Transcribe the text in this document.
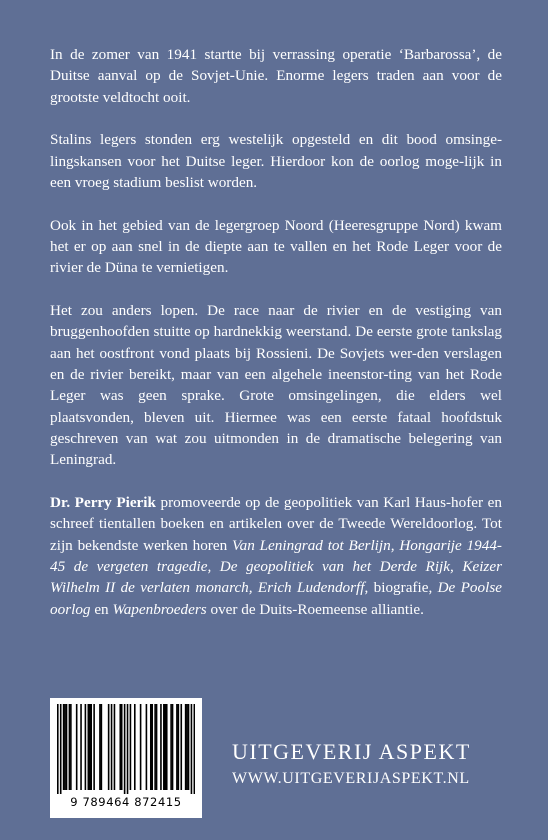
In de zomer van 1941 startte bij verrassing operatie ‘Barbarossa’, de Duitse aanval op de Sovjet-Unie. Enorme legers traden aan voor de grootste veldtocht ooit.

Stalins legers stonden erg westelijk opgesteld en dit bood omsinge-lingskansen voor het Duitse leger. Hierdoor kon de oorlog moge-lijk in een vroeg stadium beslist worden.

Ook in het gebied van de legergroep Noord (Heeresgruppe Nord) kwam het er op aan snel in de diepte aan te vallen en het Rode Leger voor de rivier de Düna te vernietigen.

Het zou anders lopen. De race naar de rivier en de vestiging van bruggenhoofden stuitte op hardnekkig weerstand. De eerste grote tankslag aan het oostfront vond plaats bij Rossieni. De Sovjets wer-den verslagen en de rivier bereikt, maar van een algehele ineenstor-ting van het Rode Leger was geen sprake. Grote omsingelingen, die elders wel plaatsvonden, bleven uit. Hiermee was een eerste fataal hoofdstuk geschreven van wat zou uitmonden in de dramatische belegering van Leningrad.

Dr. Perry Pierik promoveerde op de geopolitiek van Karl Haus-hofer en schreef tientallen boeken en artikelen over de Tweede Wereldoorlog. Tot zijn bekendste werken horen Van Leningrad tot Berlijn, Hongarije 1944-45 de vergeten tragedie, De geopolitiek van het Derde Rijk, Keizer Wilhelm II de verlaten monarch, Erich Ludendorff, biografie, De Poolse oorlog en Wapenbroeders over de Duits-Roemeense alliantie.

9 789464 872415
UITGEVERIJ ASPEKT
WWW.UITGEVERIJASPEKT.NL
